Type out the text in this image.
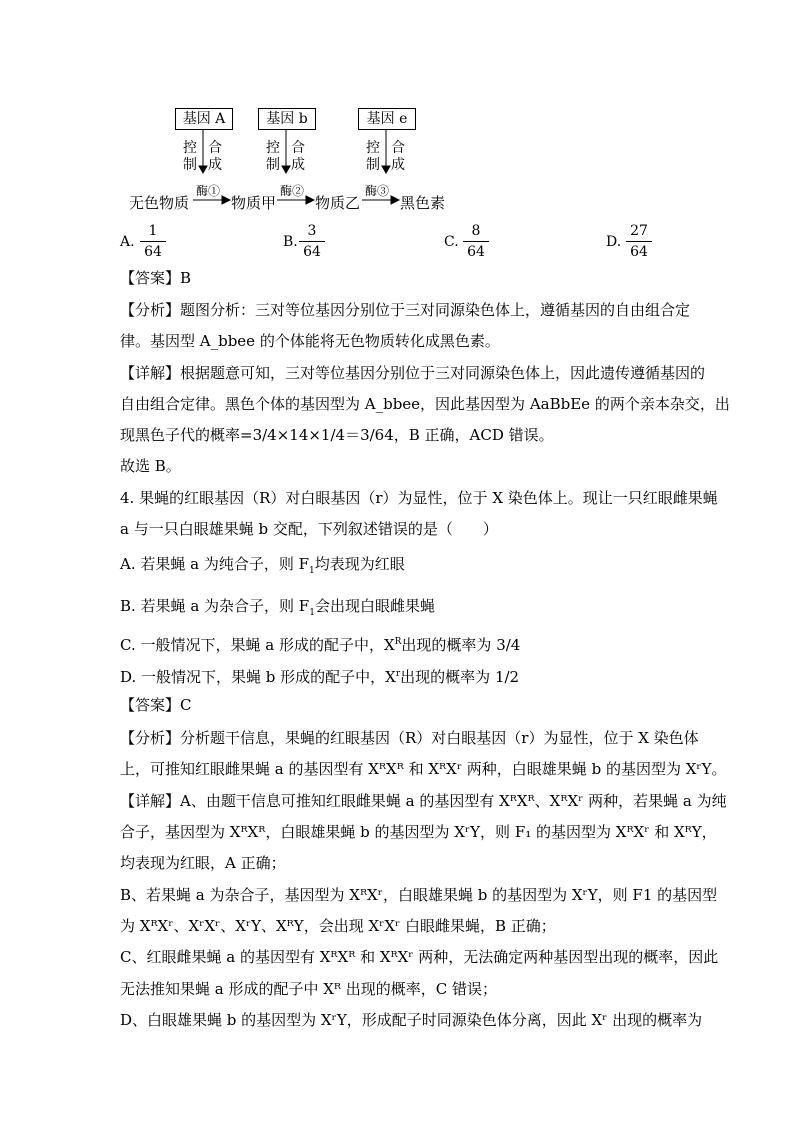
基因 A	基因 b	基因 e
控
制
合
成
控
制
合
成
控
制
合
成
酶①	酶②	酶③
无色物质	物质甲	物质乙	黑色素
A.
1
64
B.
3
64
C.
8
64
D.
27
64
【答案】B
【分析】题图分析：三对等位基因分别位于三对同源染色体上，遵循基因的自由组合定
律。基因型 A_bbee 的个体能将无色物质转化成黑色素。
【详解】根据题意可知，三对等位基因分别位于三对同源染色体上，因此遗传遵循基因的
自由组合定律。黑色个体的基因型为 A_bbee，因此基因型为 AaBbEe 的两个亲本杂交，出
现黑色子代的概率=3/4×14×1/4＝3/64，B 正确，ACD 错误。
故选 B。
4. 果蝇的红眼基因（R）对白眼基因（r）为显性，位于 X 染色体上。现让一只红眼雌果蝇
a 与一只白眼雄果蝇 b 交配，下列叙述错误的是（　　）
A. 若果蝇 a 为纯合子，则 $F_1$均表现为红眼
B. 若果蝇 a 为杂合子，则 $F_1$会出现白眼雌果蝇
C. 一般情况下，果蝇 a 形成的配子中，$X^R$出现的概率为 3/4
D. 一般情况下，果蝇 b 形成的配子中，$X^r$出现的概率为 1/2
【答案】C
【分析】分析题干信息，果蝇的红眼基因（R）对白眼基因（r）为显性，位于 X 染色体
上，可推知红眼雌果蝇 a 的基因型有 XᴿXᴿ 和 XᴿXʳ 两种，白眼雄果蝇 b 的基因型为 XʳY。
【详解】A、由题干信息可推知红眼雌果蝇 a 的基因型有 XᴿXᴿ、XᴿXʳ 两种，若果蝇 a 为纯
合子，基因型为 XᴿXᴿ，白眼雄果蝇 b 的基因型为 XʳY，则 F₁ 的基因型为 XᴿXʳ 和 XᴿY，
均表现为红眼，A 正确；
B、若果蝇 a 为杂合子，基因型为 XᴿXʳ，白眼雄果蝇 b 的基因型为 XʳY，则 F1 的基因型
为 XᴿXʳ、XʳXʳ、XʳY、XᴿY，会出现 XʳXʳ 白眼雌果蝇，B 正确；
C、红眼雌果蝇 a 的基因型有 XᴿXᴿ 和 XᴿXʳ 两种，无法确定两种基因型出现的概率，因此
无法推知果蝇 a 形成的配子中 Xᴿ 出现的概率，C 错误；
D、白眼雄果蝇 b 的基因型为 XʳY，形成配子时同源染色体分离，因此 Xʳ 出现的概率为
